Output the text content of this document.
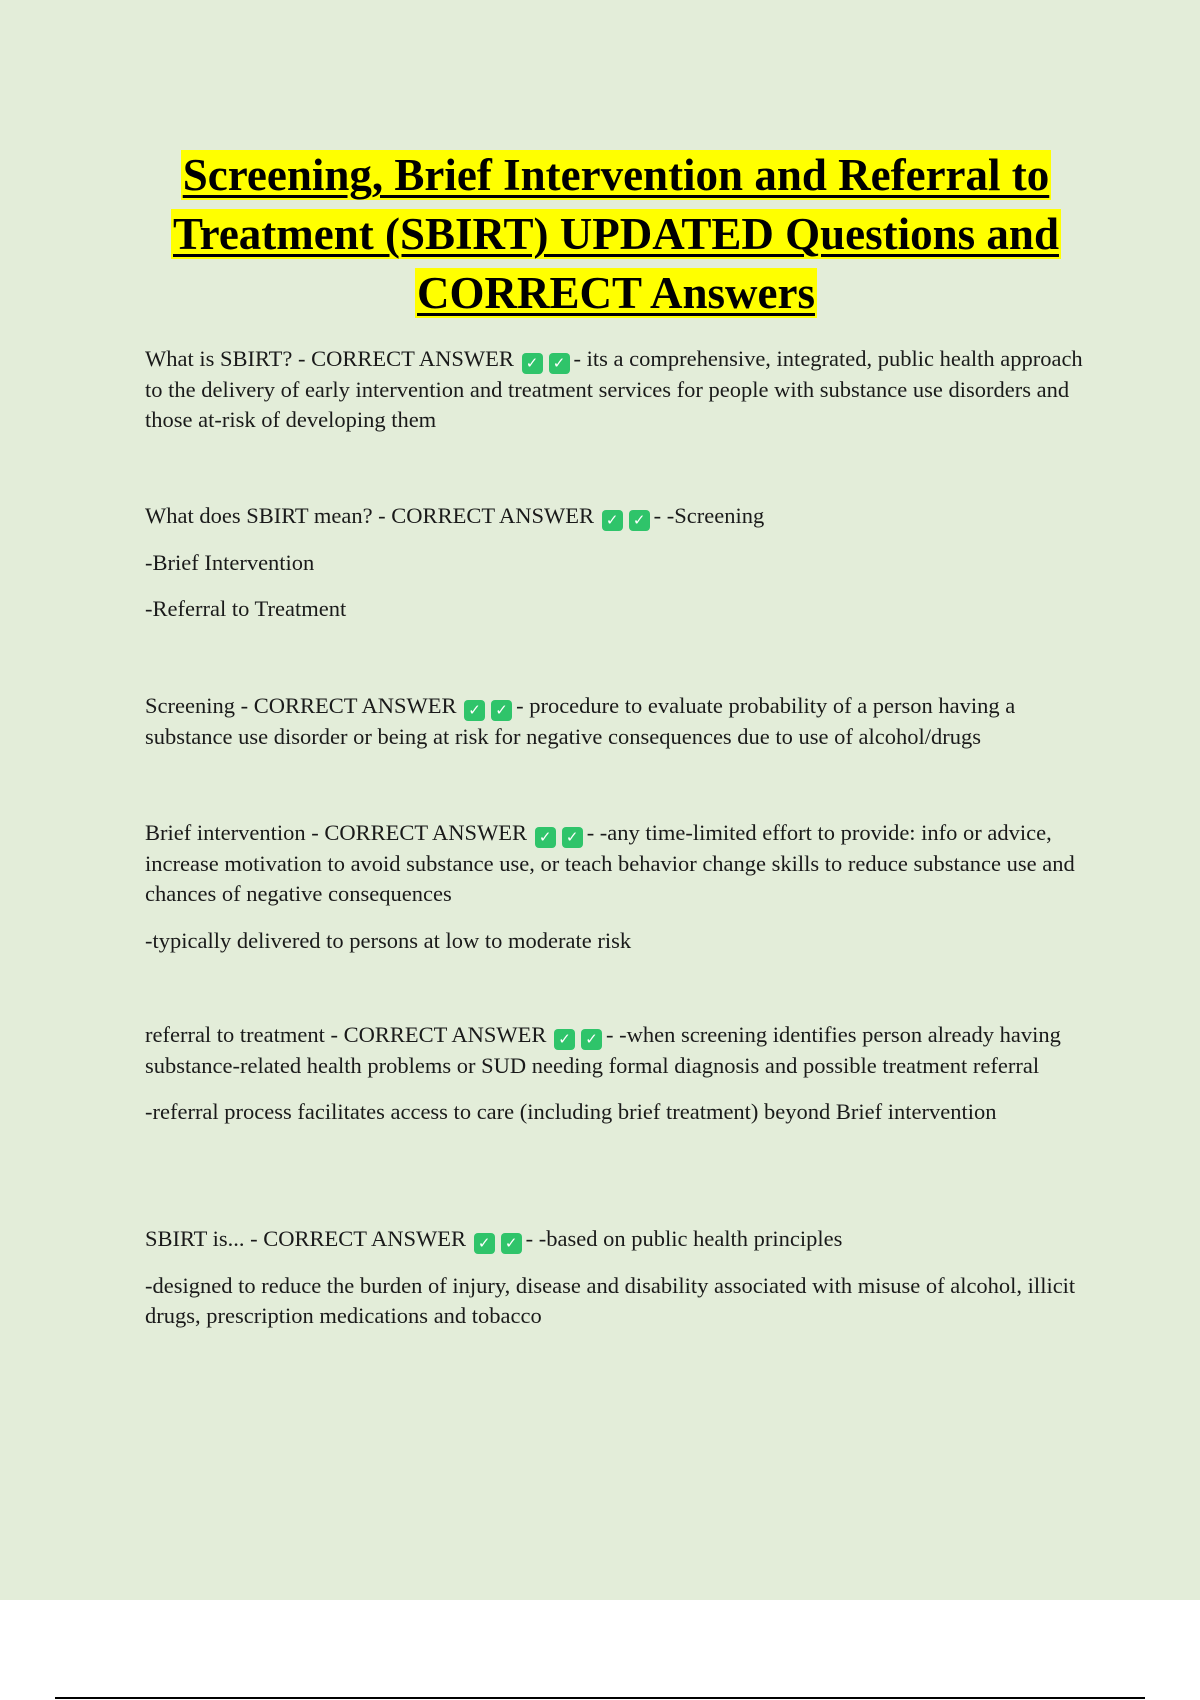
Screening, Brief Intervention and Referral to Treatment (SBIRT) UPDATED Questions and CORRECT Answers

What is SBIRT? - CORRECT ANSWER ✓ ✓ - its a comprehensive, integrated, public health approach to the delivery of early intervention and treatment services for people with substance use disorders and those at-risk of developing them

What does SBIRT mean? - CORRECT ANSWER ✓ ✓ - -Screening

-Brief Intervention

-Referral to Treatment

Screening - CORRECT ANSWER ✓ ✓ - procedure to evaluate probability of a person having a substance use disorder or being at risk for negative consequences due to use of alcohol/drugs

Brief intervention - CORRECT ANSWER ✓ ✓ - -any time-limited effort to provide: info or advice, increase motivation to avoid substance use, or teach behavior change skills to reduce substance use and chances of negative consequences

-typically delivered to persons at low to moderate risk

referral to treatment - CORRECT ANSWER ✓ ✓ - -when screening identifies person already having substance-related health problems or SUD needing formal diagnosis and possible treatment referral

-referral process facilitates access to care (including brief treatment) beyond Brief intervention

SBIRT is... - CORRECT ANSWER ✓ ✓ - -based on public health principles

-designed to reduce the burden of injury, disease and disability associated with misuse of alcohol, illicit drugs, prescription medications and tobacco
